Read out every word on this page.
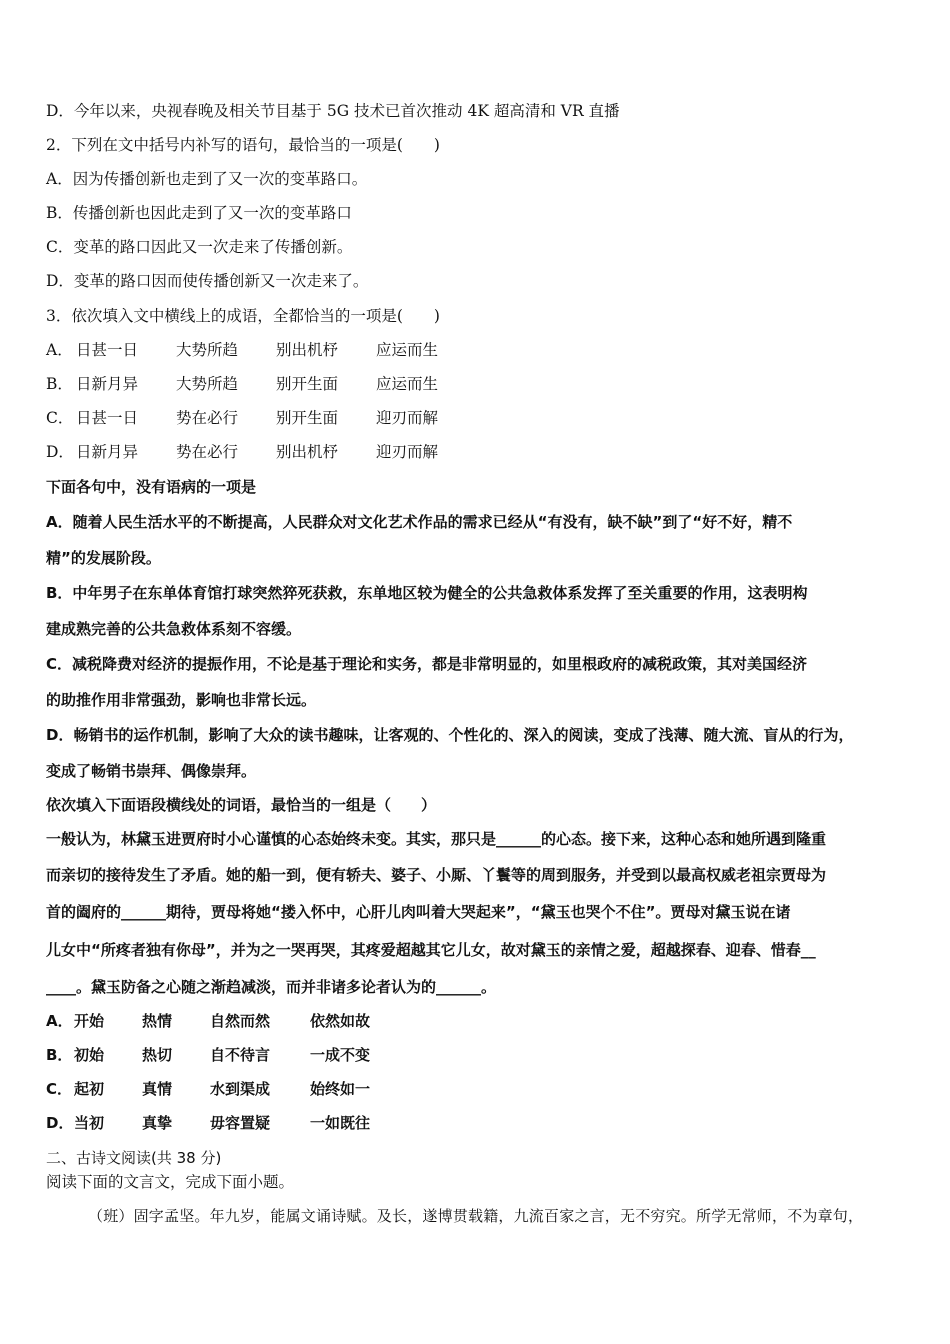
D．今年以来，央视春晚及相关节目基于 5G 技术已首次推动 4K 超高清和 VR 直播
2．下列在文中括号内补写的语句，最恰当的一项是(　　)
A．因为传播创新也走到了又一次的变革路口。
B．传播创新也因此走到了又一次的变革路口
C．变革的路口因此又一次走来了传播创新。
D．变革的路口因而使传播创新又一次走来了。
3．依次填入文中横线上的成语，全都恰当的一项是(　　)
A． 日甚一日 大势所趋 别出机杼 应运而生
B． 日新月异 大势所趋 别开生面 应运而生
C． 日甚一日 势在必行 别开生面 迎刃而解
D． 日新月异 势在必行 别出机杼 迎刃而解
下面各句中，没有语病的一项是
A．随着人民生活水平的不断提高，人民群众对文化艺术作品的需求已经从“有没有，缺不缺”到了“好不好，精不
精”的发展阶段。
B．中年男子在东单体育馆打球突然猝死获救，东单地区较为健全的公共急救体系发挥了至关重要的作用，这表明构
建成熟完善的公共急救体系刻不容缓。
C．减税降费对经济的提振作用，不论是基于理论和实务，都是非常明显的，如里根政府的减税政策，其对美国经济
的助推作用非常强劲，影响也非常长远。
D．畅销书的运作机制，影响了大众的读书趣味，让客观的、个性化的、深入的阅读，变成了浅薄、随大流、盲从的行为，
变成了畅销书崇拜、偶像崇拜。
依次填入下面语段横线处的词语，最恰当的一组是（　　）
一般认为，林黛玉进贾府时小心谨慎的心态始终未变。其实，那只是______的心态。接下来，这种心态和她所遇到隆重
而亲切的接待发生了矛盾。她的船一到，便有轿夫、婆子、小厮、丫鬟等的周到服务，并受到以最高权威老祖宗贾母为
首的阖府的______期待，贾母将她“搂入怀中，心肝儿肉叫着大哭起来”，“黛玉也哭个不住”。贾母对黛玉说在诸
儿女中“所疼者独有你母”，并为之一哭再哭，其疼爱超越其它儿女，故对黛玉的亲情之爱，超越探春、迎春、惜春__
____。黛玉防备之心随之渐趋减淡，而并非诸多论者认为的______。
A．开始	热情	自然而然	依然如故
B． 初始	热切	自不待言	一成不变
C． 起初	真情	水到渠成	始终如一
D．当初	真挚	毋容置疑	一如既往
二、古诗文阅读(共 38 分)
阅读下面的文言文，完成下面小题。
（班）固字孟坚。年九岁，能属文诵诗赋。及长，遂博贯载籍，九流百家之言，无不穷究。所学无常师，不为章句，
